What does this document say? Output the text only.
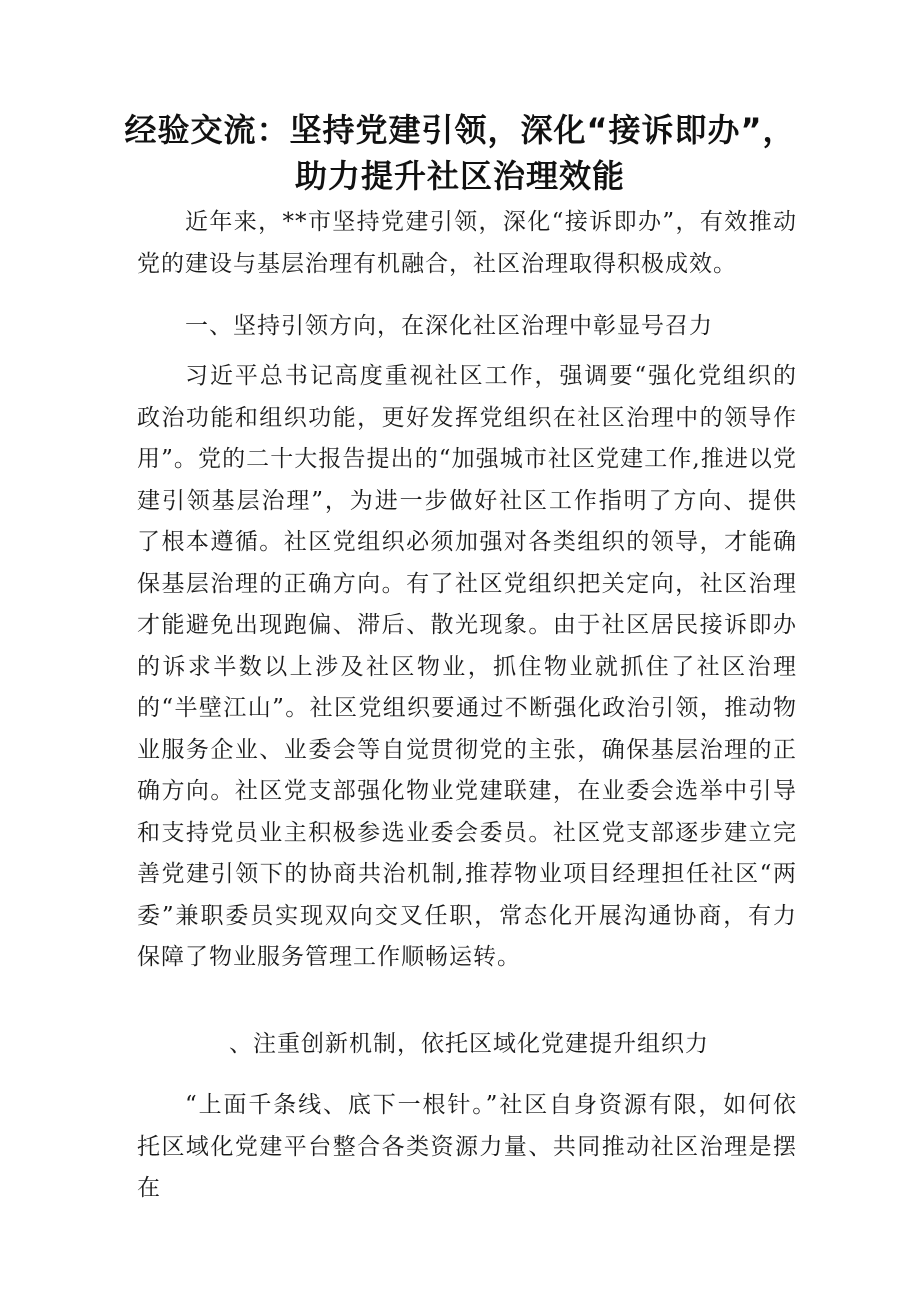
经验交流：坚持党建引领，深化“接诉即办”，
助力提升社区治理效能

近年来，**市坚持党建引领，深化“接诉即办”，有效推动党的建设与基层治理有机融合，社区治理取得积极成效。

一、坚持引领方向，在深化社区治理中彰显号召力

习近平总书记高度重视社区工作，强调要“强化党组织的政治功能和组织功能，更好发挥党组织在社区治理中的领导作用”。党的二十大报告提出的“加强城市社区党建工作,推进以党建引领基层治理”，为进一步做好社区工作指明了方向、提供了根本遵循。社区党组织必须加强对各类组织的领导，才能确保基层治理的正确方向。有了社区党组织把关定向，社区治理才能避免出现跑偏、滞后、散光现象。由于社区居民接诉即办的诉求半数以上涉及社区物业，抓住物业就抓住了社区治理的“半壁江山”。社区党组织要通过不断强化政治引领，推动物业服务企业、业委会等自觉贯彻党的主张，确保基层治理的正确方向。社区党支部强化物业党建联建，在业委会选举中引导和支持党员业主积极参选业委会委员。社区党支部逐步建立完善党建引领下的协商共治机制,推荐物业项目经理担任社区“两委”兼职委员实现双向交叉任职，常态化开展沟通协商，有力保障了物业服务管理工作顺畅运转。

、注重创新机制，依托区域化党建提升组织力

“上面千条线、底下一根针。”社区自身资源有限，如何依托区域化党建平台整合各类资源力量、共同推动社区治理是摆在
